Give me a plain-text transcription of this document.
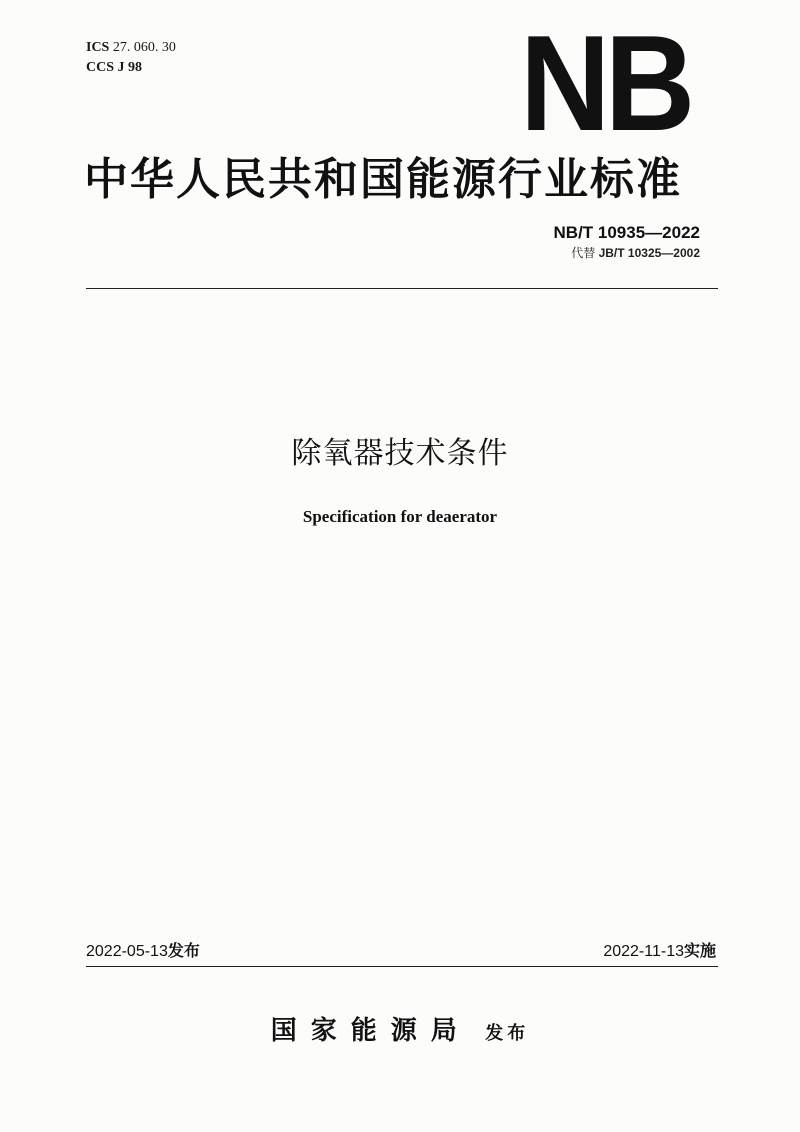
ICS 27. 060. 30
CCS J 98	NB
中华人民共和国能源行业标准
NB/T 10935—2022
代替 JB/T 10325—2002
除氧器技术条件
Specification for deaerator
2022-05-13发布	2022-11-13实施
国家能源局 发布
